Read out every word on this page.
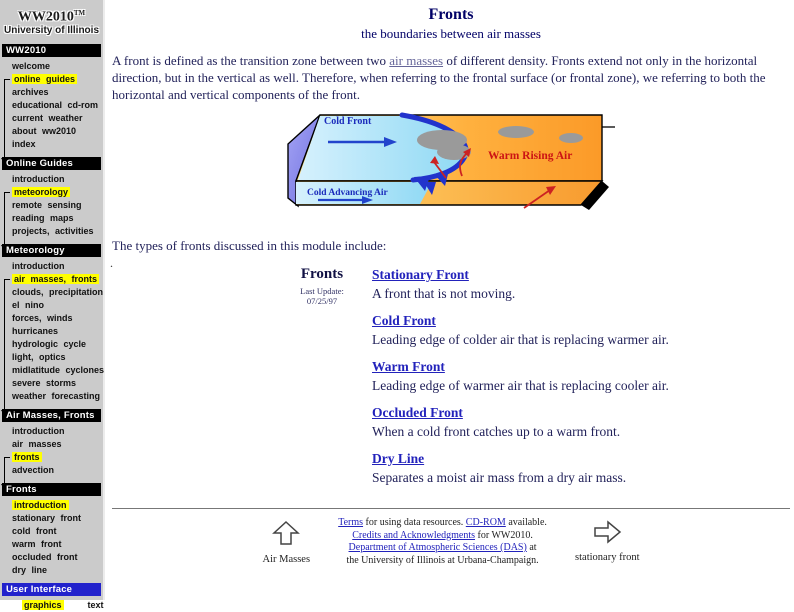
WW2010™
University of Illinois
WW2010
welcome
online guides
archives
educational cd-rom
current weather
about ww2010
index
Online Guides
introduction
meteorology
remote sensing
reading maps
projects, activities
Meteorology
introduction
air masses, fronts
clouds, precipitation
el nino
forces, winds
hurricanes
hydrologic cycle
light, optics
midlatitude cyclones
severe storms
weather forecasting
Air Masses, Fronts
introduction
air masses
fronts
advection
Fronts
introduction
stationary front
cold front
warm front
occluded front
dry line
User Interface
graphics	text
Fronts
the boundaries between air masses
A front is defined as the transition zone between two air masses of different density. Fronts extend not only in the horizontal direction, but in the vertical as well. Therefore, when referring to the frontal surface (or frontal zone), we referring to both the horizontal and vertical components of the front.
Cold Front
Warm Rising Air
Cold Advancing Air
The types of fronts discussed in this module include:
Fronts
Last Update:
07/25/97
Stationary Front
A front that is not moving.
Cold Front
Leading edge of colder air that is replacing warmer air.
Warm Front
Leading edge of warmer air that is replacing cooler air.
Occluded Front
When a cold front catches up to a warm front.
Dry Line
Separates a moist air mass from a dry air mass.
Air Masses
Terms for using data resources. CD-ROM available.
Credits and Acknowledgments for WW2010.
Department of Atmospheric Sciences (DAS) at
the University of Illinois at Urbana-Champaign.	stationary front
.
